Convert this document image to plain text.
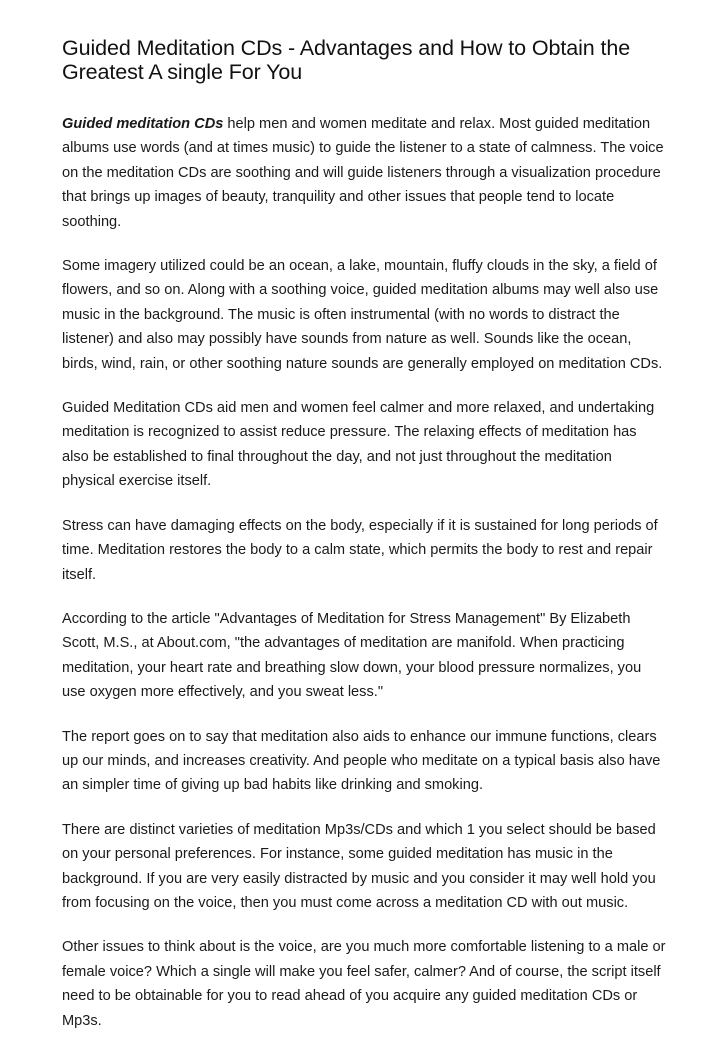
Guided Meditation CDs - Advantages and How to Obtain the Greatest A single For You

Guided meditation CDs help men and women meditate and relax. Most guided meditation albums use words (and at times music) to guide the listener to a state of calmness. The voice on the meditation CDs are soothing and will guide listeners through a visualization procedure that brings up images of beauty, tranquility and other issues that people tend to locate soothing.

Some imagery utilized could be an ocean, a lake, mountain, fluffy clouds in the sky, a field of flowers, and so on. Along with a soothing voice, guided meditation albums may well also use music in the background. The music is often instrumental (with no words to distract the listener) and also may possibly have sounds from nature as well. Sounds like the ocean, birds, wind, rain, or other soothing nature sounds are generally employed on meditation CDs.

Guided Meditation CDs aid men and women feel calmer and more relaxed, and undertaking meditation is recognized to assist reduce pressure. The relaxing effects of meditation has also be established to final throughout the day, and not just throughout the meditation physical exercise itself.

Stress can have damaging effects on the body, especially if it is sustained for long periods of time. Meditation restores the body to a calm state, which permits the body to rest and repair itself.

According to the article "Advantages of Meditation for Stress Management" By Elizabeth Scott, M.S., at About.com, "the advantages of meditation are manifold. When practicing meditation, your heart rate and breathing slow down, your blood pressure normalizes, you use oxygen more effectively, and you sweat less."

The report goes on to say that meditation also aids to enhance our immune functions, clears up our minds, and increases creativity. And people who meditate on a typical basis also have an simpler time of giving up bad habits like drinking and smoking.

There are distinct varieties of meditation Mp3s/CDs and which 1 you select should be based on your personal preferences. For instance, some guided meditation has music in the background. If you are very easily distracted by music and you consider it may well hold you from focusing on the voice, then you must come across a meditation CD with out music.

Other issues to think about is the voice, are you much more comfortable listening to a male or female voice? Which a single will make you feel safer, calmer? And of course, the script itself need to be obtainable for you to read ahead of you acquire any guided meditation CDs or Mp3s.
